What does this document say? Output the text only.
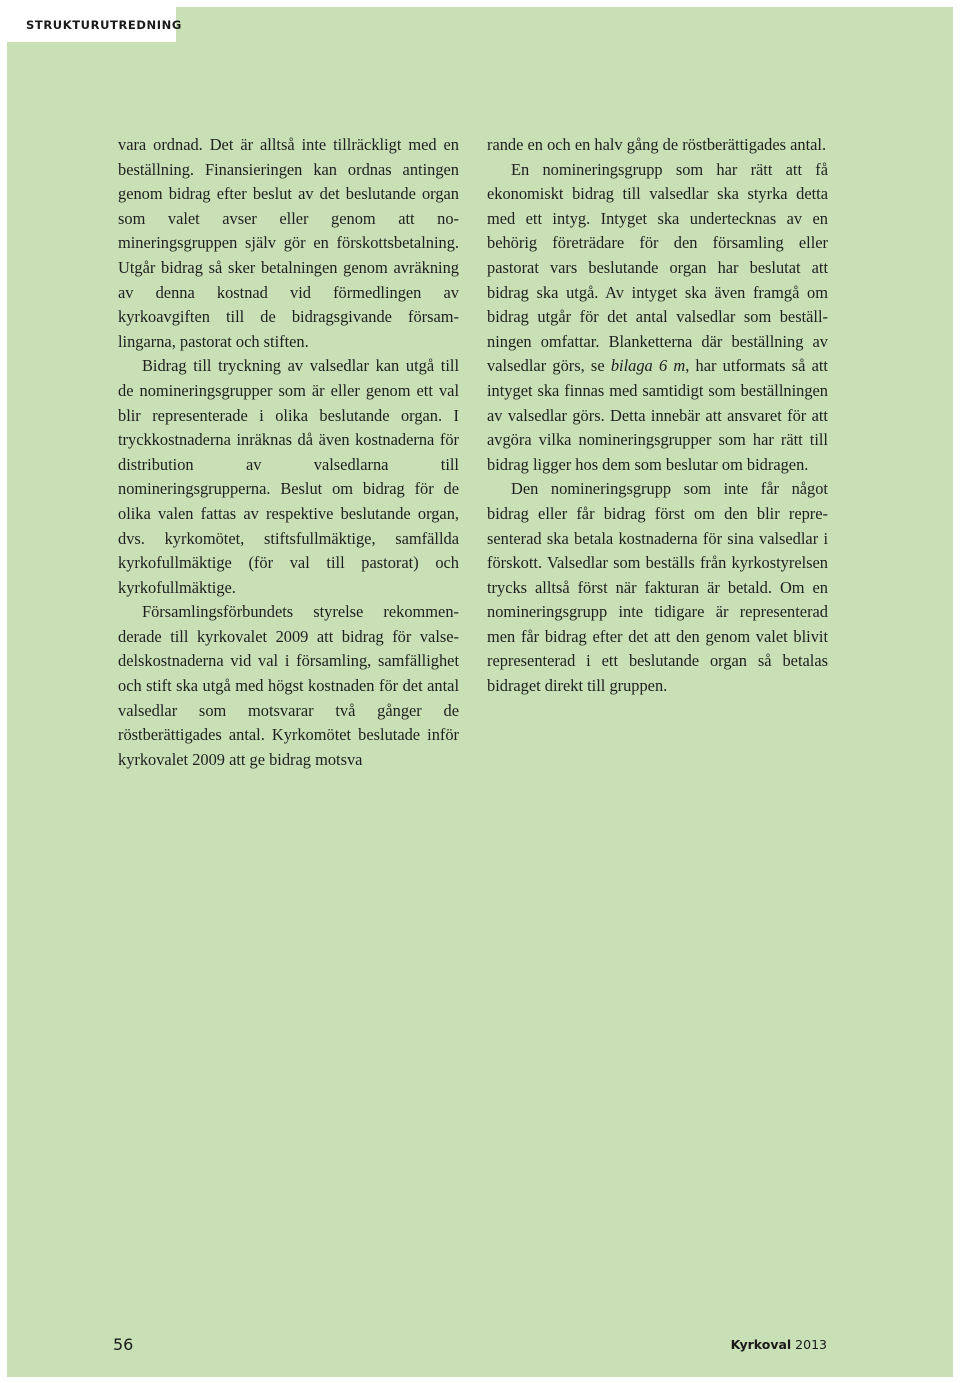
STRUKTURUTREDNING

vara ordnad. Det är alltså inte tillräckligt med en beställning. Finansieringen kan ordnas antingen genom bidrag efter beslut av det beslutande organ som valet avser eller genom att nomineringsgruppen själv gör en förskottsbetalning. Utgår bidrag så sker betalningen genom avräkning av denna kostnad vid förmedlingen av kyrkoavgiften till de bidragsgivande församlingarna, pastorat och stiften.

Bidrag till tryckning av valsedlar kan utgå till de nomineringsgrupper som är eller genom ett val blir representerade i olika beslutande organ. I tryckkostnaderna inräknas då även kostnaderna för distribution av valsedlarna till nomineringsgrupperna. Beslut om bidrag för de olika valen fattas av respektive beslutande organ, dvs. kyrkomötet, stiftsfullmäktige, samfällda kyrkofullmäktige (för val till pastorat) och kyrkofullmäktige.

Församlingsförbundets styrelse rekommenderade till kyrkovalet 2009 att bidrag för valsedelskostnaderna vid val i församling, samfällighet och stift ska utgå med högst kostnaden för det antal valsedlar som motsvarar två gånger de röstberättigades antal. Kyrkomötet beslutade inför kyrkovalet 2009 att ge bidrag motsva

rande en och en halv gång de röstberättigades antal.

En nomineringsgrupp som har rätt att få ekonomiskt bidrag till valsedlar ska styrka detta med ett intyg. Intyget ska undertecknas av en behörig företrädare för den församling eller pastorat vars beslutande organ har beslutat att bidrag ska utgå. Av intyget ska även framgå om bidrag utgår för det antal valsedlar som beställningen omfattar. Blanketterna där beställning av valsedlar görs, se bilaga 6 m, har utformats så att intyget ska finnas med samtidigt som beställningen av valsedlar görs. Detta innebär att ansvaret för att avgöra vilka nomineringsgrupper som har rätt till bidrag ligger hos dem som beslutar om bidragen.

Den nomineringsgrupp som inte får något bidrag eller får bidrag först om den blir representerad ska betala kostnaderna för sina valsedlar i förskott. Valsedlar som beställs från kyrkostyrelsen trycks alltså först när fakturan är betald. Om en nomineringsgrupp inte tidigare är representerad men får bidrag efter det att den genom valet blivit representerad i ett beslutande organ så betalas bidraget direkt till gruppen.

56	Kyrkoval 2013
